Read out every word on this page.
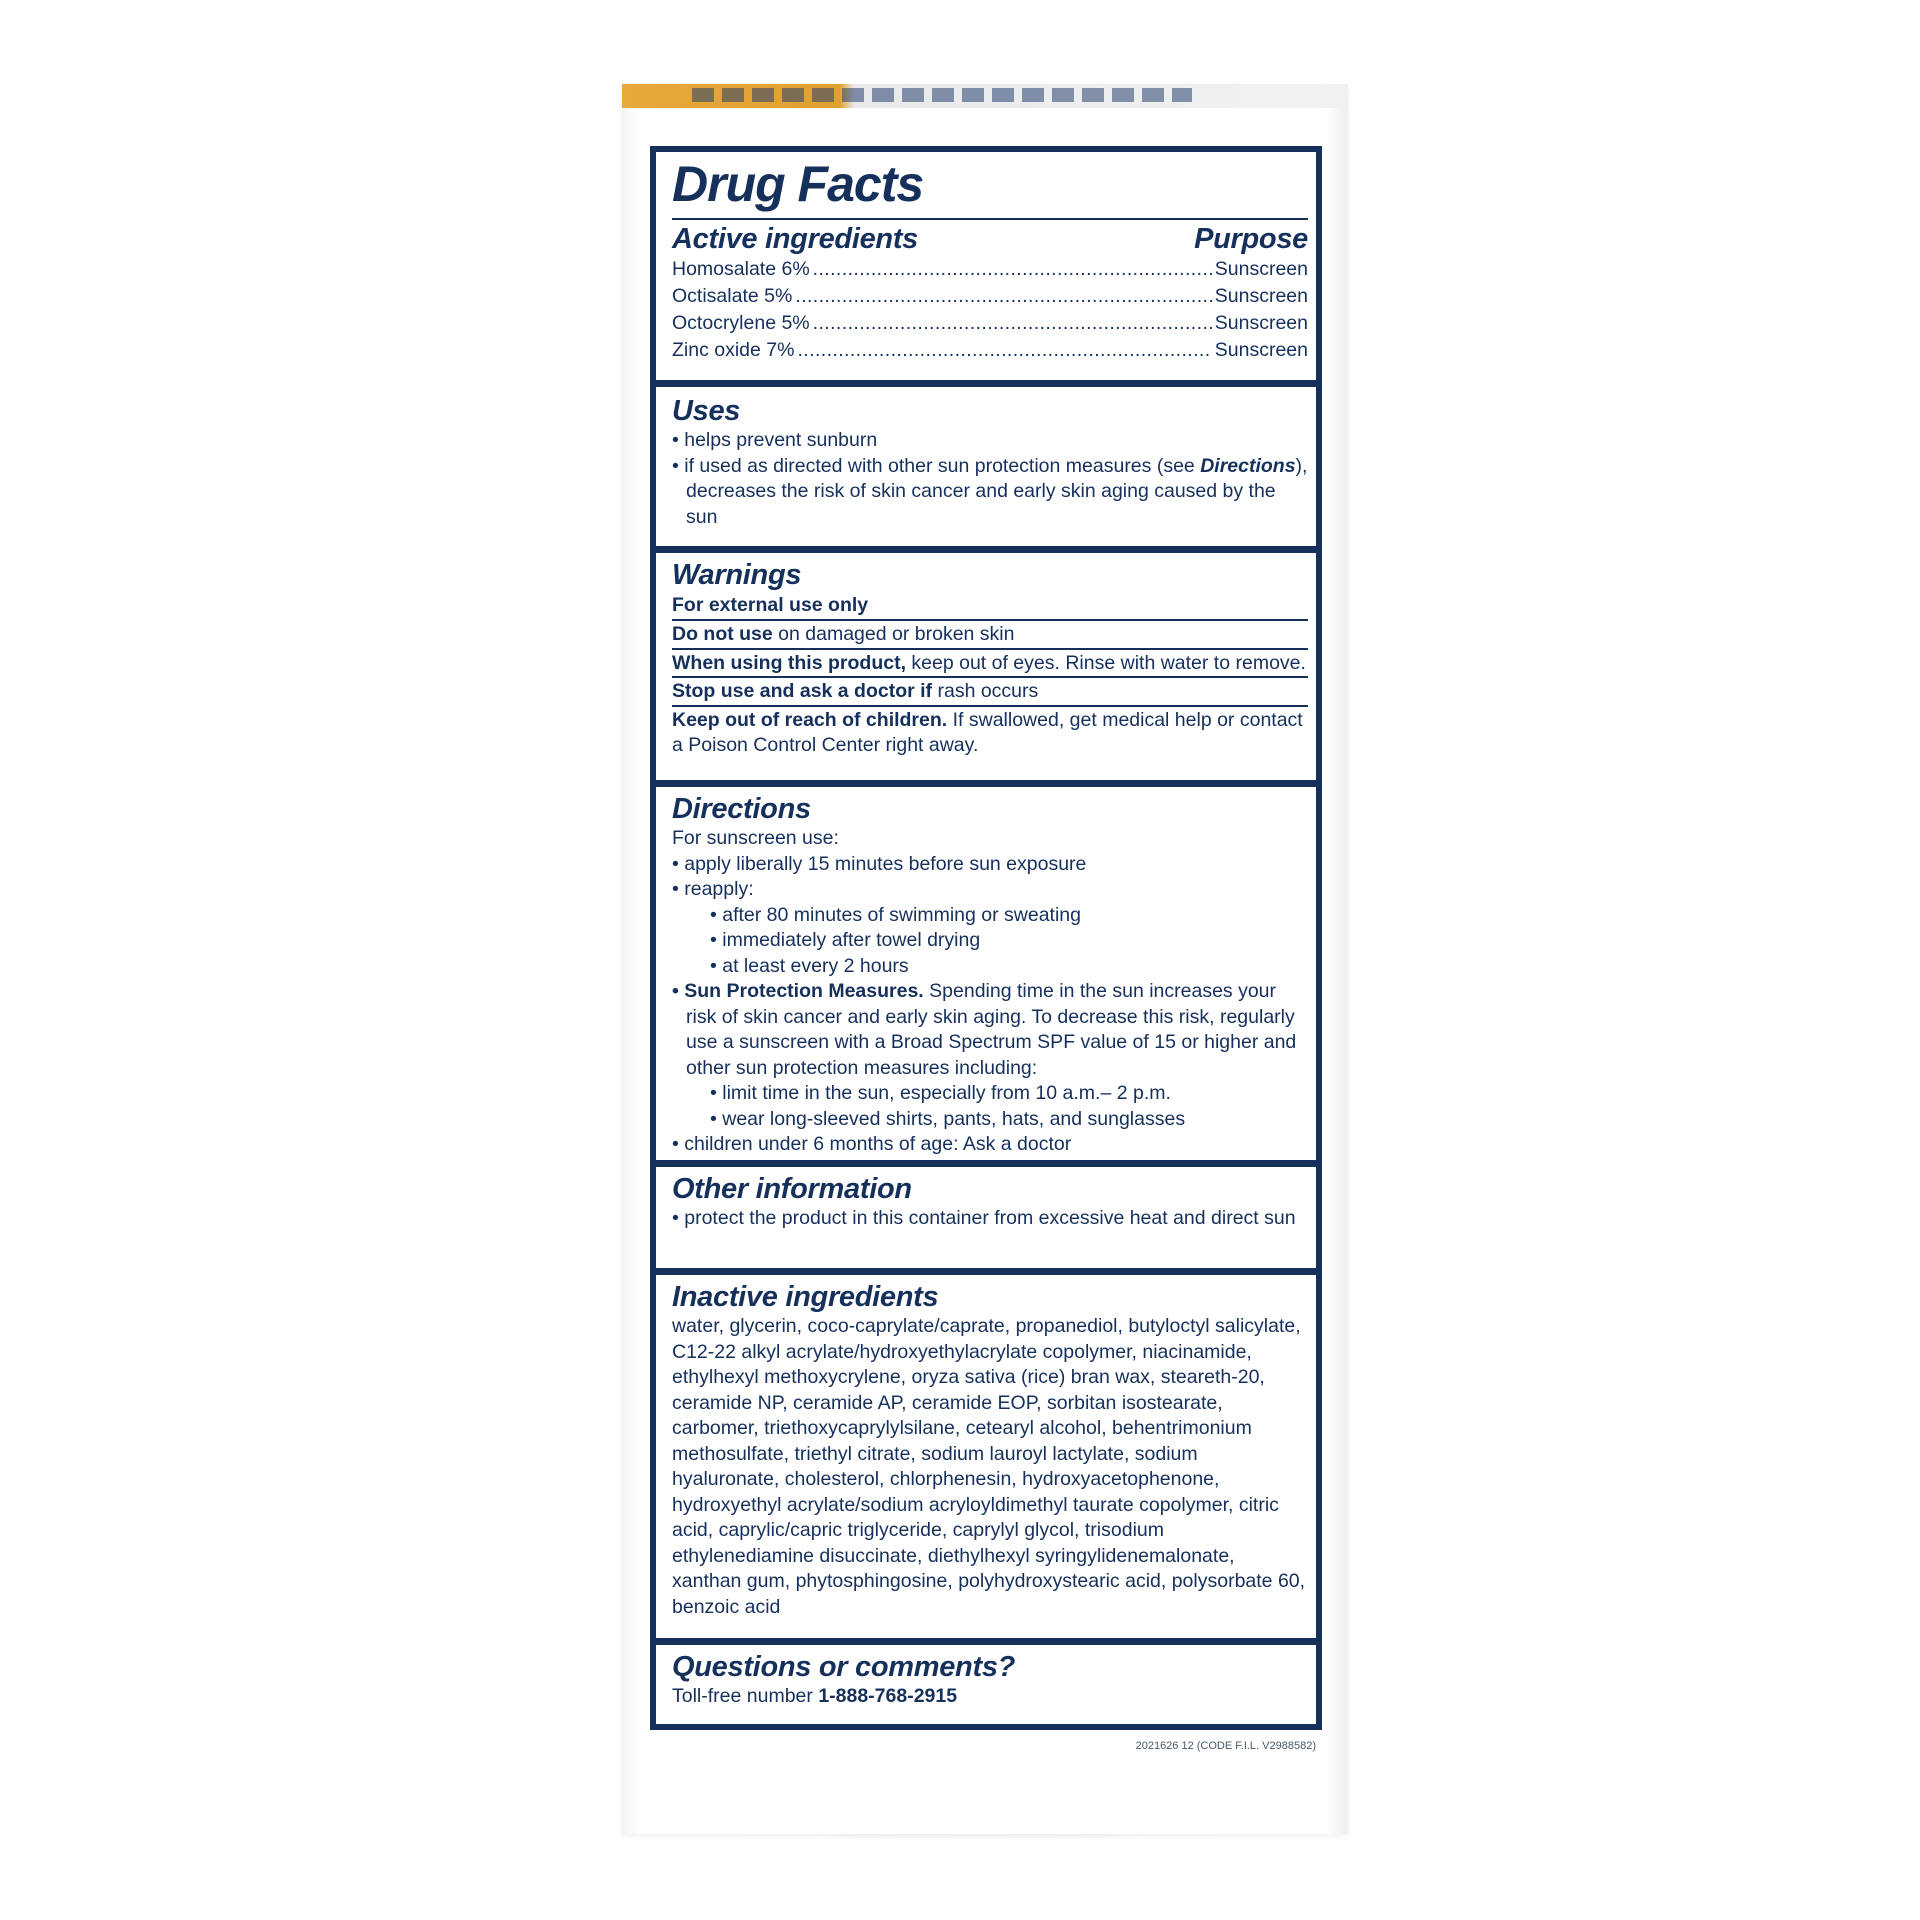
Drug Facts
Active ingredients	Purpose
Homosalate 6% .....	Sunscreen
Octisalate 5% .....	Sunscreen
Octocrylene 5% .....	Sunscreen
Zinc oxide 7% .....	Sunscreen
Uses
• helps prevent sunburn
• if used as directed with other sun protection measures (see Directions), decreases the risk of skin cancer and early skin aging caused by the sun
Warnings
For external use only
Do not use on damaged or broken skin
When using this product, keep out of eyes. Rinse with water to remove.
Stop use and ask a doctor if rash occurs
Keep out of reach of children. If swallowed, get medical help or contact a Poison Control Center right away.
Directions
For sunscreen use:
• apply liberally 15 minutes before sun exposure
• reapply:
• after 80 minutes of swimming or sweating
• immediately after towel drying
• at least every 2 hours
• Sun Protection Measures. Spending time in the sun increases your risk of skin cancer and early skin aging. To decrease this risk, regularly use a sunscreen with a Broad Spectrum SPF value of 15 or higher and other sun protection measures including:
• limit time in the sun, especially from 10 a.m.– 2 p.m.
• wear long-sleeved shirts, pants, hats, and sunglasses
• children under 6 months of age: Ask a doctor
Other information
• protect the product in this container from excessive heat and direct sun
Inactive ingredients
water, glycerin, coco-caprylate/caprate, propanediol, butyloctyl salicylate, C12-22 alkyl acrylate/hydroxyethylacrylate copolymer, niacinamide, ethylhexyl methoxycrylene, oryza sativa (rice) bran wax, steareth-20, ceramide NP, ceramide AP, ceramide EOP, sorbitan isostearate, carbomer, triethoxycaprylylsilane, cetearyl alcohol, behentrimonium methosulfate, triethyl citrate, sodium lauroyl lactylate, sodium hyaluronate, cholesterol, chlorphenesin, hydroxyacetophenone, hydroxyethyl acrylate/sodium acryloyldimethyl taurate copolymer, citric acid, caprylic/capric triglyceride, caprylyl glycol, trisodium ethylenediamine disuccinate, diethylhexyl syringylidenemalonate, xanthan gum, phytosphingosine, polyhydroxystearic acid, polysorbate 60, benzoic acid
Questions or comments?
Toll-free number 1-888-768-2915
2021626 12 (CODE F.I.L. V2988582)
